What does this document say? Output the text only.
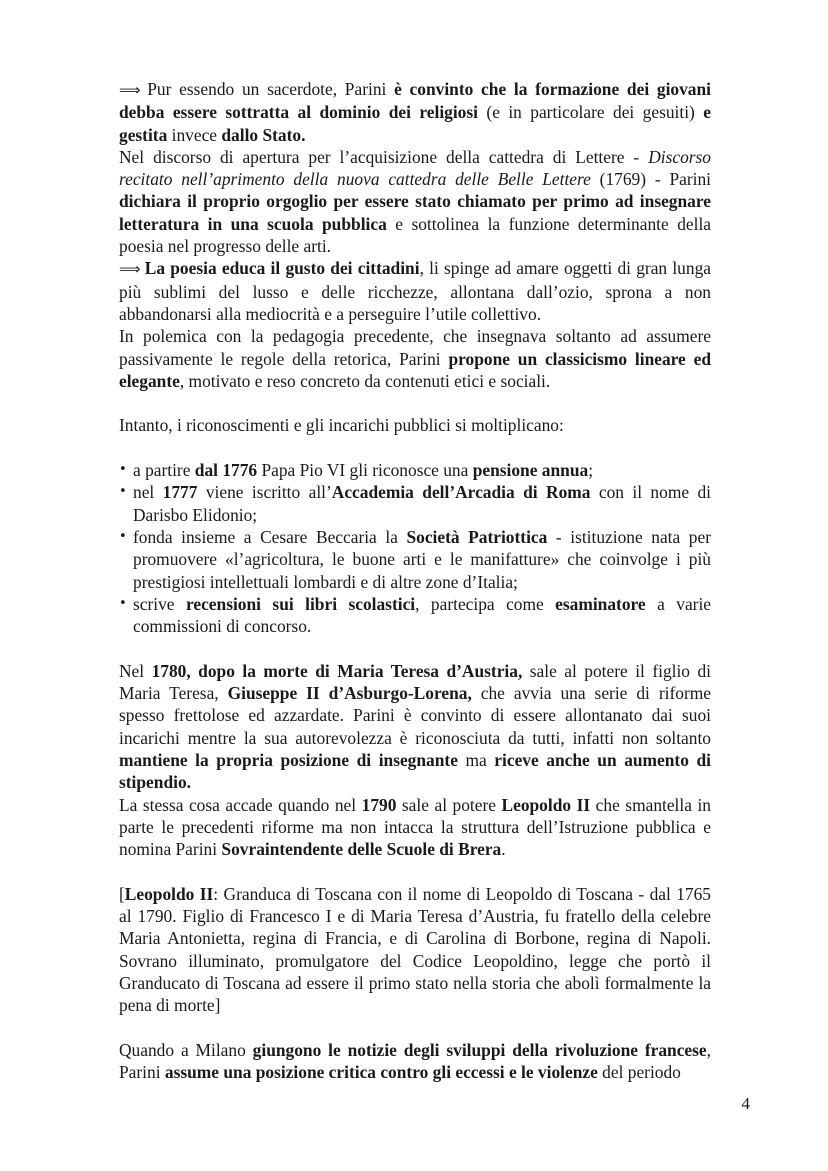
⟹ Pur essendo un sacerdote, Parini è convinto che la formazione dei giovani debba essere sottratta al dominio dei religiosi (e in particolare dei gesuiti) e gestita invece dallo Stato.

Nel discorso di apertura per l’acquisizione della cattedra di Lettere - Discorso recitato nell’aprimento della nuova cattedra delle Belle Lettere (1769) - Parini dichiara il proprio orgoglio per essere stato chiamato per primo ad insegnare letteratura in una scuola pubblica e sottolinea la funzione determinante della poesia nel progresso delle arti.

⟹ La poesia educa il gusto dei cittadini, li spinge ad amare oggetti di gran lunga più sublimi del lusso e delle ricchezze, allontana dall’ozio, sprona a non abbandonarsi alla mediocrità e a perseguire l’utile collettivo.

In polemica con la pedagogia precedente, che insegnava soltanto ad assumere passivamente le regole della retorica, Parini propone un classicismo lineare ed elegante, motivato e reso concreto da contenuti etici e sociali.

Intanto, i riconoscimenti e gli incarichi pubblici si moltiplicano:

• a partire dal 1776 Papa Pio VI gli riconosce una pensione annua;
• nel 1777 viene iscritto all’Accademia dell’Arcadia di Roma con il nome di Darisbo Elidonio;
• fonda insieme a Cesare Beccaria la Società Patriottica - istituzione nata per promuovere «l’agricoltura, le buone arti e le manifatture» che coinvolge i più prestigiosi intellettuali lombardi e di altre zone d’Italia;
• scrive recensioni sui libri scolastici, partecipa come esaminatore a varie commissioni di concorso.

Nel 1780, dopo la morte di Maria Teresa d’Austria, sale al potere il figlio di Maria Teresa, Giuseppe II d’Asburgo-Lorena, che avvia una serie di riforme spesso frettolose ed azzardate. Parini è convinto di essere allontanato dai suoi incarichi mentre la sua autorevolezza è riconosciuta da tutti, infatti non soltanto mantiene la propria posizione di insegnante ma riceve anche un aumento di stipendio.

La stessa cosa accade quando nel 1790 sale al potere Leopoldo II che smantella in parte le precedenti riforme ma non intacca la struttura dell’Istruzione pubblica e nomina Parini Sovraintendente delle Scuole di Brera.

[Leopoldo II: Granduca di Toscana con il nome di Leopoldo di Toscana - dal 1765 al 1790. Figlio di Francesco I e di Maria Teresa d’Austria, fu fratello della celebre Maria Antonietta, regina di Francia, e di Carolina di Borbone, regina di Napoli. Sovrano illuminato, promulgatore del Codice Leopoldino, legge che portò il Granducato di Toscana ad essere il primo stato nella storia che abolì formalmente la pena di morte]

Quando a Milano giungono le notizie degli sviluppi della rivoluzione francese, Parini assume una posizione critica contro gli eccessi e le violenze del periodo

4
